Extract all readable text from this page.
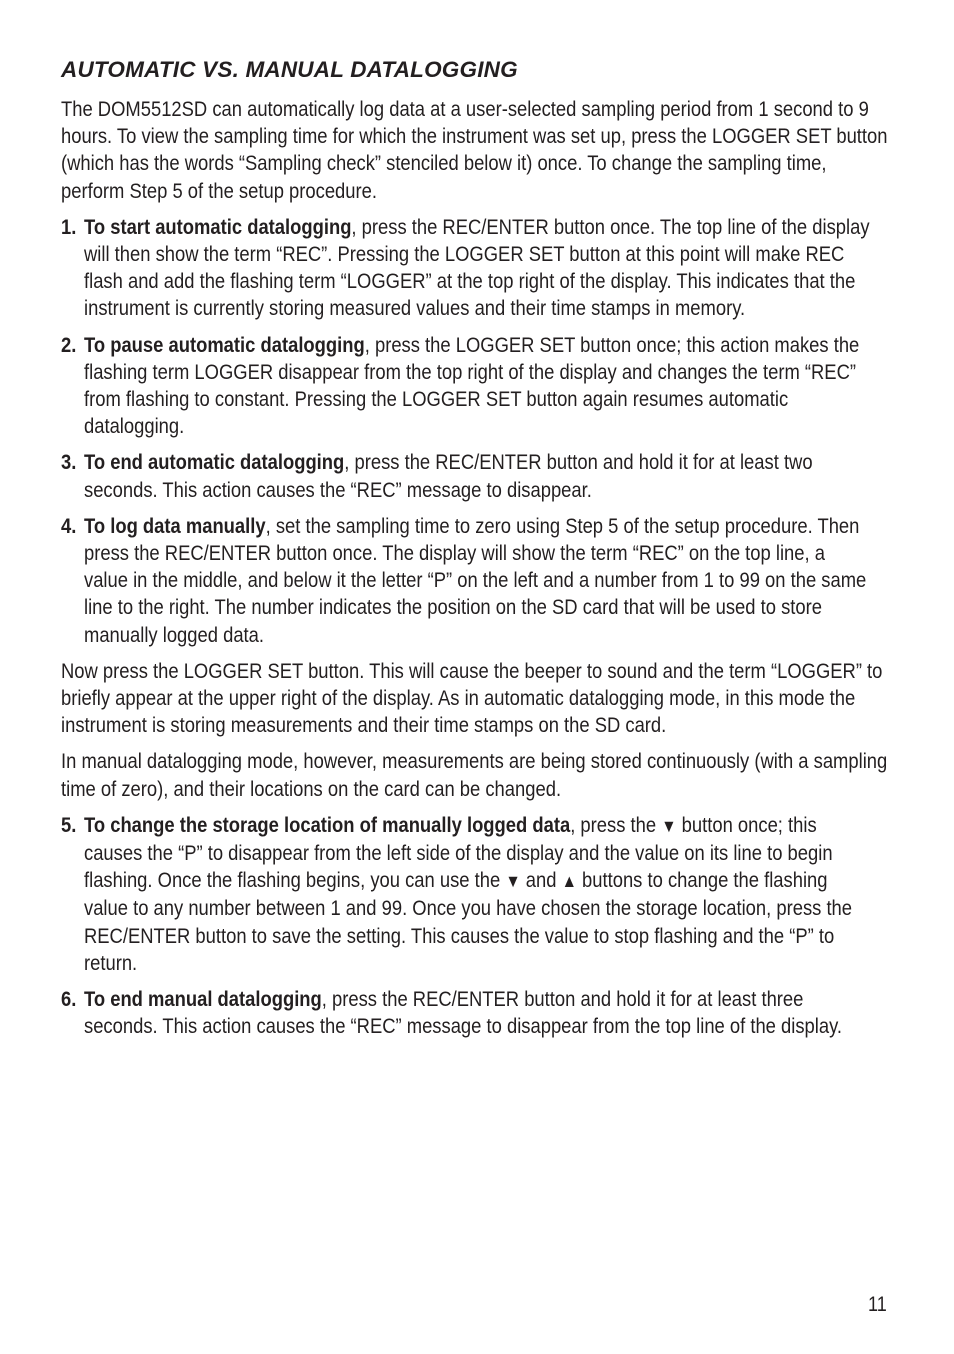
AUTOMATIC VS. MANUAL DATALOGGING

The DOM5512SD can automatically log data at a user-selected sampling period from 1 second to 9 hours. To view the sampling time for which the instrument was set up, press the LOGGER SET button (which has the words “Sampling check” stenciled below it) once. To change the sampling time, perform Step 5 of the setup procedure.

1. To start automatic datalogging, press the REC/ENTER button once. The top line of the display will then show the term “REC”. Pressing the LOGGER SET button at this point will make REC flash and add the flashing term “LOGGER” at the top right of the display. This indicates that the instrument is currently storing measured values and their time stamps in memory.
2. To pause automatic datalogging, press the LOGGER SET button once; this action makes the flashing term LOGGER disappear from the top right of the display and changes the term “REC” from flashing to constant. Pressing the LOGGER SET button again resumes automatic datalogging.
3. To end automatic datalogging, press the REC/ENTER button and hold it for at least two seconds. This action causes the “REC” message to disappear.
4. To log data manually, set the sampling time to zero using Step 5 of the setup procedure. Then press the REC/ENTER button once. The display will show the term “REC” on the top line, a value in the middle, and below it the letter “P” on the left and a number from 1 to 99 on the same line to the right. The number indicates the position on the SD card that will be used to store manually logged data.

Now press the LOGGER SET button. This will cause the beeper to sound and the term “LOGGER” to briefly appear at the upper right of the display. As in automatic datalogging mode, in this mode the instrument is storing measurements and their time stamps on the SD card.

In manual datalogging mode, however, measurements are being stored continuously (with a sampling time of zero), and their locations on the card can be changed.

5. To change the storage location of manually logged data, press the ▼ button once; this causes the “P” to disappear from the left side of the display and the value on its line to begin flashing. Once the flashing begins, you can use the ▼ and ▲ buttons to change the flashing value to any number between 1 and 99. Once you have chosen the storage location, press the REC/ENTER button to save the setting. This causes the value to stop flashing and the “P” to return.
6. To end manual datalogging, press the REC/ENTER button and hold it for at least three seconds. This action causes the “REC” message to disappear from the top line of the display.
11
